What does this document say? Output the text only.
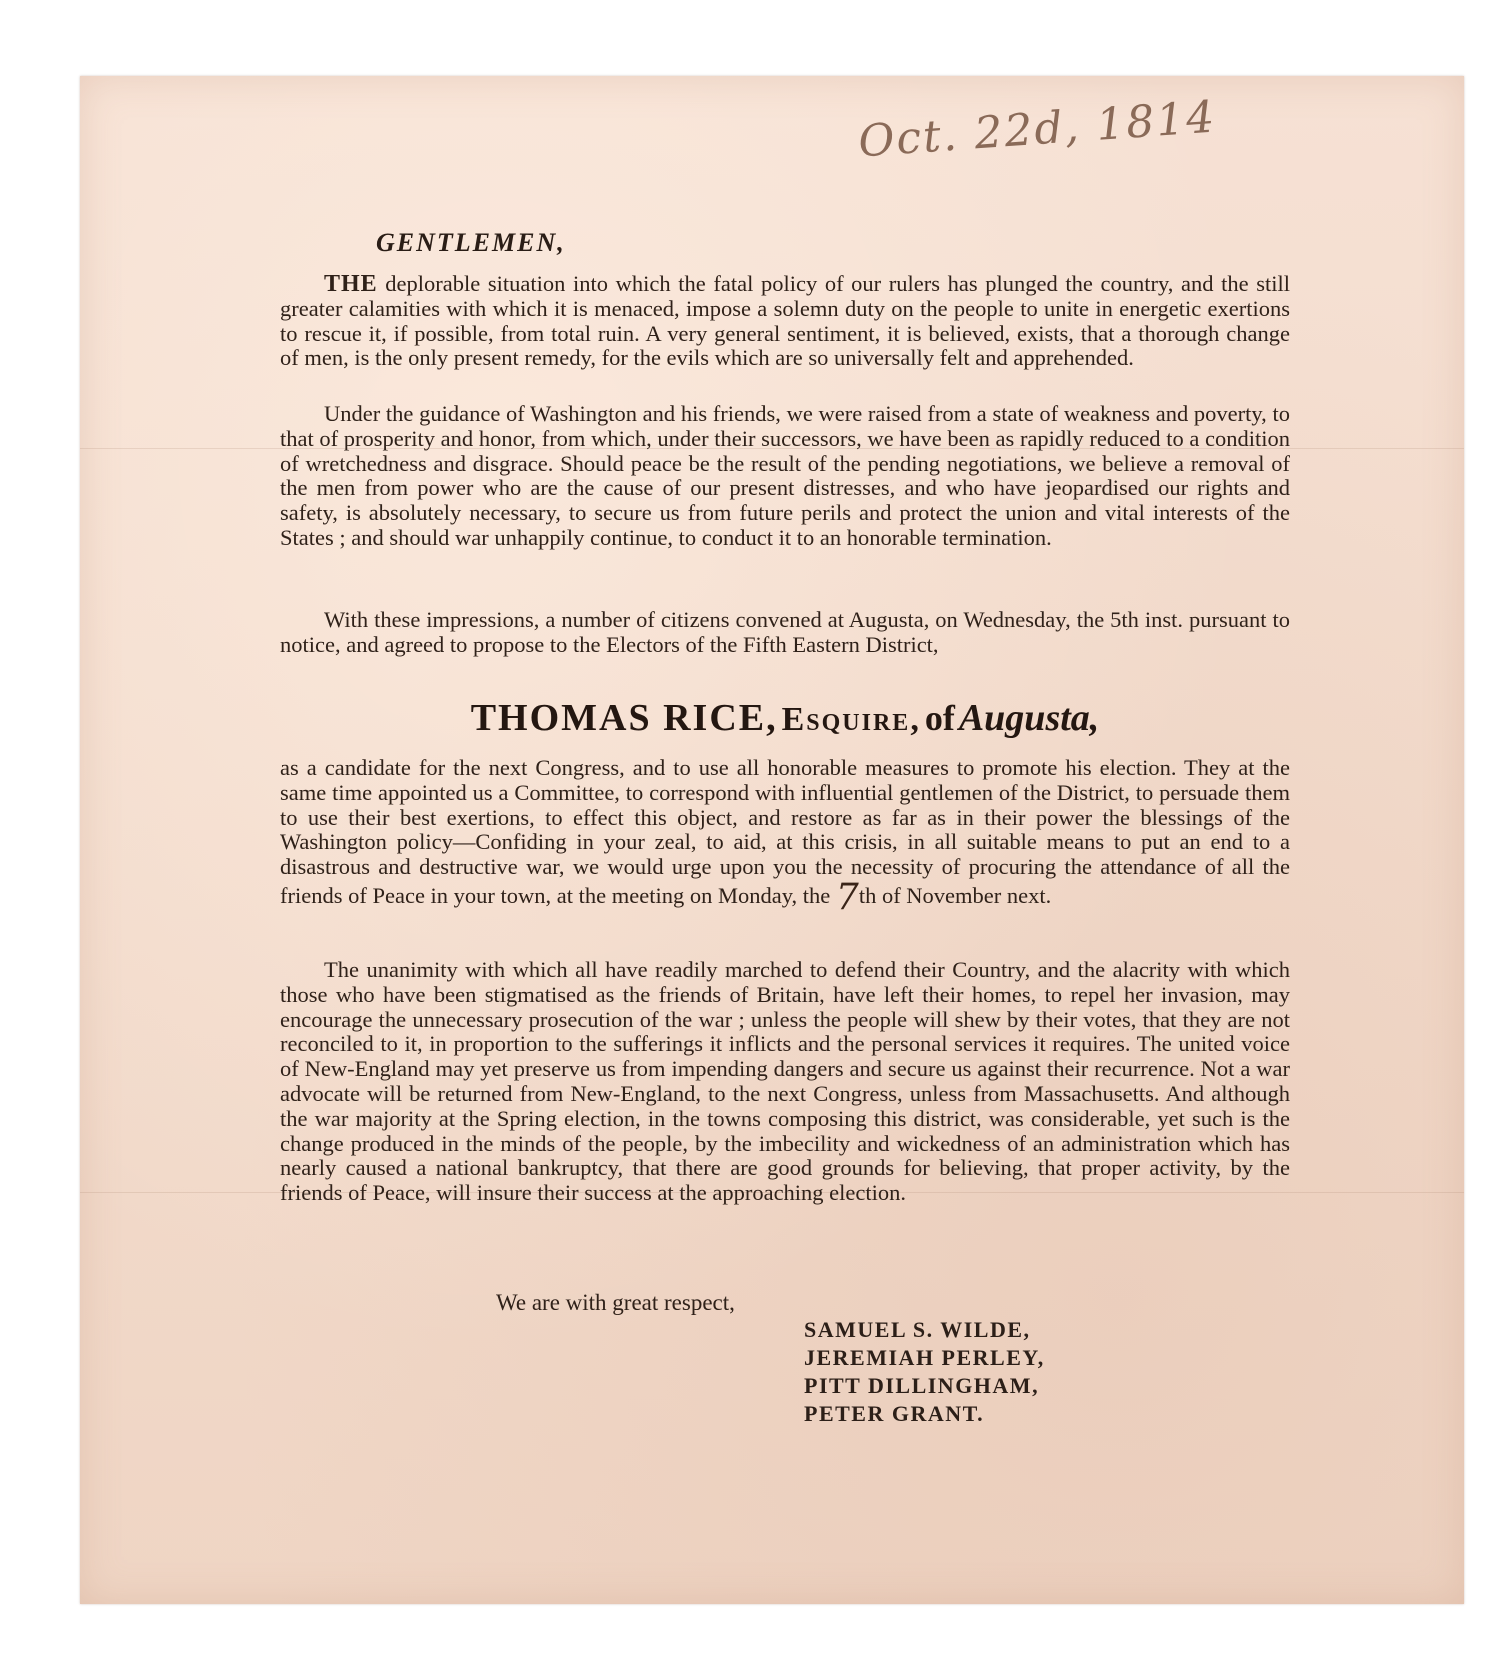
Oct. 22d, 1814
GENTLEMEN,
THE deplorable situation into which the fatal policy of our rulers has plunged the country, and the still greater calamities with which it is menaced, impose a solemn duty on the people to unite in energetic exertions to rescue it, if possible, from total ruin. A very general sentiment, it is believed, exists, that a thorough change of men, is the only present remedy, for the evils which are so universally felt and apprehended.
Under the guidance of Washington and his friends, we were raised from a state of weakness and poverty, to that of prosperity and honor, from which, under their successors, we have been as rapidly reduced to a condition of wretchedness and disgrace. Should peace be the result of the pending negotiations, we believe a removal of the men from power who are the cause of our present distresses, and who have jeopardised our rights and safety, is absolutely necessary, to secure us from future perils and protect the union and vital interests of the States ; and should war unhappily continue, to conduct it to an honorable termination.
With these impressions, a number of citizens convened at Augusta, on Wednesday, the 5th inst. pursuant to notice, and agreed to propose to the Electors of the Fifth Eastern District,
THOMAS RICE, Esquire, of Augusta,
as a candidate for the next Congress, and to use all honorable measures to promote his election. They at the same time appointed us a Committee, to correspond with influential gentlemen of the District, to persuade them to use their best exertions, to effect this object, and restore as far as in their power the blessings of the Washington policy—Confiding in your zeal, to aid, at this crisis, in all suitable means to put an end to a disastrous and destructive war, we would urge upon you the necessity of procuring the attendance of all the friends of Peace in your town, at the meeting on Monday, the 7th of November next.
The unanimity with which all have readily marched to defend their Country, and the alacrity with which those who have been stigmatised as the friends of Britain, have left their homes, to repel her invasion, may encourage the unnecessary prosecution of the war ; unless the people will shew by their votes, that they are not reconciled to it, in proportion to the sufferings it inflicts and the personal services it requires. The united voice of New-England may yet preserve us from impending dangers and secure us against their recurrence. Not a war advocate will be returned from New-England, to the next Congress, unless from Massachusetts. And although the war majority at the Spring election, in the towns composing this district, was considerable, yet such is the change produced in the minds of the people, by the imbecility and wickedness of an administration which has nearly caused a national bankruptcy, that there are good grounds for believing, that proper activity, by the friends of Peace, will insure their success at the approaching election.
We are with great respect,
SAMUEL S. WILDE,
JEREMIAH PERLEY,
PITT DILLINGHAM,
PETER GRANT.
